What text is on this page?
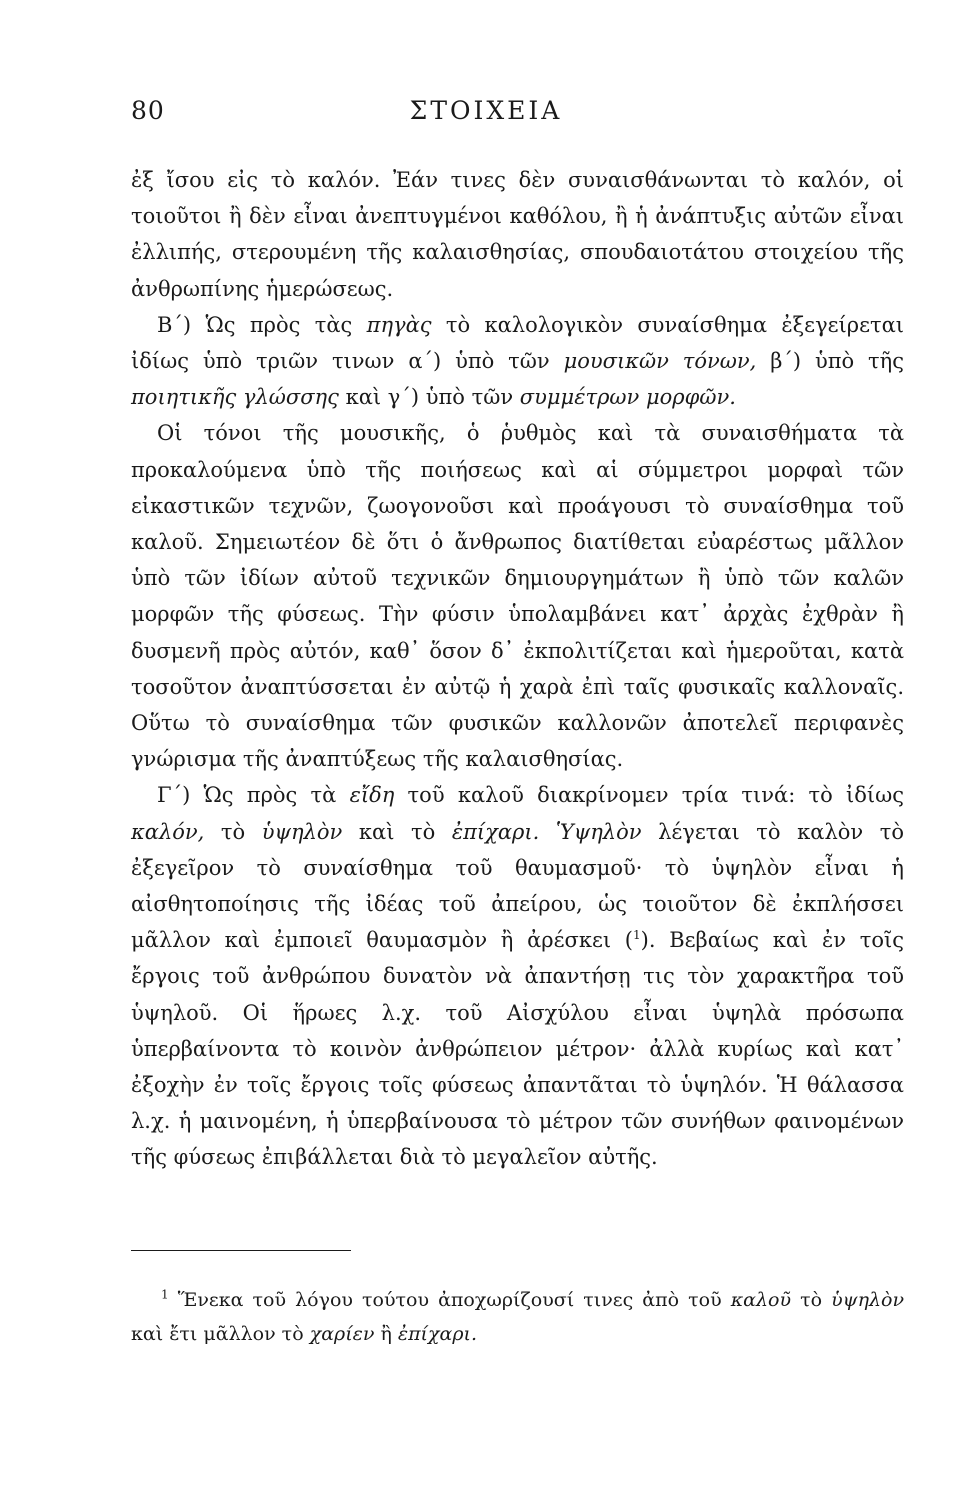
80	ΣΤΟΙΧΕΙΑ

ἐξ ἴσου εἰς τὸ καλόν. Ἐάν τινες δὲν συναισθάνωνται τὸ καλόν, οἱ τοιοῦτοι ἢ δὲν εἶναι ἀνεπτυγμένοι καθόλου, ἢ ἡ ἀνάπτυξις αὐτῶν εἶναι ἐλλιπής, στερουμένη τῆς καλαισθησίας, σπουδαιοτάτου στοιχείου τῆς ἀνθρωπίνης ἡμερώσεως.

Β΄) Ὡς πρὸς τὰς πηγὰς τὸ καλολογικὸν συναίσθημα ἐξεγείρεται ἰδίως ὑπὸ τριῶν τινων α΄) ὑπὸ τῶν μουσικῶν τόνων, β΄) ὑπὸ τῆς ποιητικῆς γλώσσης καὶ γ΄) ὑπὸ τῶν συμμέτρων μορφῶν.

Οἱ τόνοι τῆς μουσικῆς, ὁ ῥυθμὸς καὶ τὰ συναισθήματα τὰ προκαλούμενα ὑπὸ τῆς ποιήσεως καὶ αἱ σύμμετροι μορφαὶ τῶν εἰκαστικῶν τεχνῶν, ζωογονοῦσι καὶ προάγουσι τὸ συναίσθημα τοῦ καλοῦ. Σημειωτέον δὲ ὅτι ὁ ἄνθρωπος διατίθεται εὐαρέστως μᾶλλον ὑπὸ τῶν ἰδίων αὐτοῦ τεχνικῶν δημιουργημάτων ἢ ὑπὸ τῶν καλῶν μορφῶν τῆς φύσεως. Τὴν φύσιν ὑπολαμβάνει κατ᾿ ἀρχὰς ἐχθρὰν ἢ δυσμενῆ πρὸς αὐτόν, καθ᾿ ὅσον δ᾿ ἐκπολιτίζεται καὶ ἡμεροῦται, κατὰ τοσοῦτον ἀναπτύσσεται ἐν αὐτῷ ἡ χαρὰ ἐπὶ ταῖς φυσικαῖς καλλοναῖς. Οὕτω τὸ συναίσθημα τῶν φυσικῶν καλλονῶν ἀποτελεῖ περιφανὲς γνώρισμα τῆς ἀναπτύξεως τῆς καλαισθησίας.

Γ΄) Ὡς πρὸς τὰ εἴδη τοῦ καλοῦ διακρίνομεν τρία τινά: τὸ ἰδίως καλόν, τὸ ὑψηλὸν καὶ τὸ ἐπίχαρι. Ὑψηλὸν λέγεται τὸ καλὸν τὸ ἐξεγεῖρον τὸ συναίσθημα τοῦ θαυμασμοῦ· τὸ ὑψηλὸν εἶναι ἡ αἰσθητοποίησις τῆς ἰδέας τοῦ ἀπείρου, ὡς τοιοῦτον δὲ ἐκπλήσσει μᾶλλον καὶ ἐμποιεῖ θαυμασμὸν ἢ ἀρέσκει ($^1$). Βεβαίως καὶ ἐν τοῖς ἔργοις τοῦ ἀνθρώπου δυνατὸν νὰ ἀπαντήσῃ τις τὸν χαρακτῆρα τοῦ ὑψηλοῦ. Οἱ ἥρωες λ.χ. τοῦ Αἰσχύλου εἶναι ὑψηλὰ πρόσωπα ὑπερβαίνοντα τὸ κοινὸν ἀνθρώπειον μέτρον· ἀλλὰ κυρίως καὶ κατ᾿ ἐξοχὴν ἐν τοῖς ἔργοις τοῖς φύσεως ἀπαντᾶται τὸ ὑψηλόν. Ἡ θάλασσα λ.χ. ἡ μαινομένη, ἡ ὑπερβαίνουσα τὸ μέτρον τῶν συνήθων φαινομένων τῆς φύσεως ἐπιβάλλεται διὰ τὸ μεγαλεῖον αὐτῆς.

$^1$ Ἕνεκα τοῦ λόγου τούτου ἀποχωρίζουσί τινες ἀπὸ τοῦ καλοῦ τὸ ὑψηλὸν καὶ ἔτι μᾶλλον τὸ χαρίεν ἢ ἐπίχαρι.
